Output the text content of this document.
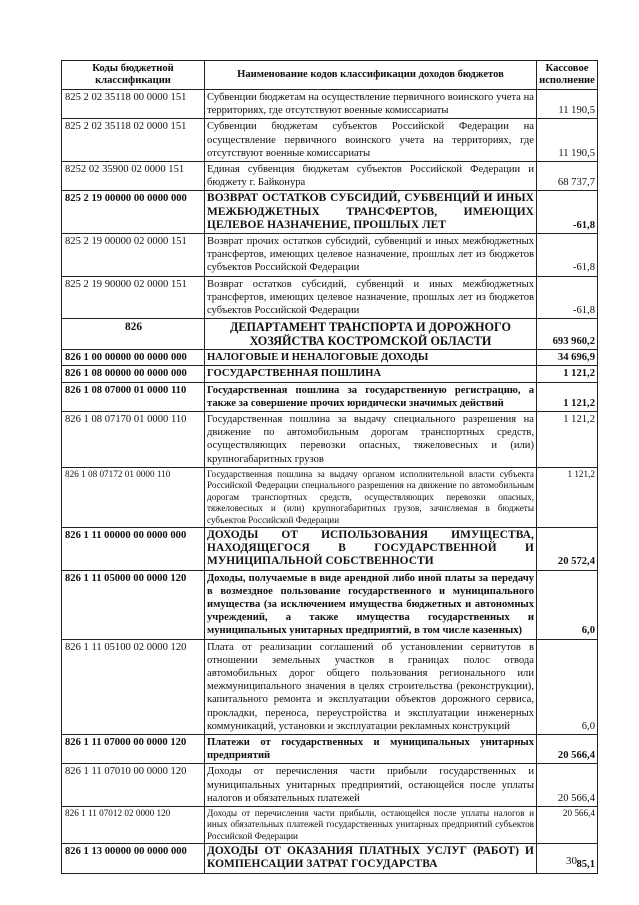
Коды бюджетной классификации	Наименование кодов классификации доходов бюджетов	Кассовое исполнение
825 2 02 35118 00 0000 151	Субвенции бюджетам на осуществление первичного воинского учета на территориях, где отсутствуют военные комиссариаты	11 190,5
825 2 02 35118 02 0000 151	Субвенции бюджетам субъектов Российской Федерации на осуществление первичного воинского учета на территориях, где отсутствуют военные комиссариаты	11 190,5
8252 02 35900 02 0000 151	Единая субвенция бюджетам субъектов Российской Федерации и бюджету г. Байконура	68 737,7
825 2 19 00000 00 0000 000	ВОЗВРАТ ОСТАТКОВ СУБСИДИЙ, СУБВЕНЦИЙ И ИНЫХ МЕЖБЮДЖЕТНЫХ ТРАНСФЕРТОВ, ИМЕЮЩИХ ЦЕЛЕВОЕ НАЗНАЧЕНИЕ, ПРОШЛЫХ ЛЕТ	-61,8
825 2 19 00000 02 0000 151	Возврат прочих остатков субсидий, субвенций и иных межбюджетных трансфертов, имеющих целевое назначение, прошлых лет из бюджетов субъектов Российской Федерации	-61,8
825 2 19 90000 02 0000 151	Возврат остатков субсидий, субвенций и иных межбюджетных трансфертов, имеющих целевое назначение, прошлых лет из бюджетов субъектов Российской Федерации	-61,8
826	ДЕПАРТАМЕНТ ТРАНСПОРТА И ДОРОЖНОГО ХОЗЯЙСТВА КОСТРОМСКОЙ ОБЛАСТИ	693 960,2
826 1 00 00000 00 0000 000	НАЛОГОВЫЕ И НЕНАЛОГОВЫЕ ДОХОДЫ	34 696,9
826 1 08 00000 00 0000 000	ГОСУДАРСТВЕННАЯ ПОШЛИНА	1 121,2
826 1 08 07000 01 0000 110	Государственная пошлина за государственную регистрацию, а также за совершение прочих юридически значимых действий	1 121,2
826 1 08 07170 01 0000 110	Государственная пошлина за выдачу специального разрешения на движение по автомобильным дорогам транспортных средств, осуществляющих перевозки опасных, тяжеловесных и (или) крупногабаритных грузов	1 121,2
826 1 08 07172 01 0000 110	Государственная пошлина за выдачу органом исполнительной власти субъекта Российской Федерации специального разрешения на движение по автомобильным дорогам транспортных средств, осуществляющих перевозки опасных, тяжеловесных и (или) крупногабаритных грузов, зачисляемая в бюджеты субъектов Российской Федерации	1 121,2
826 1 11 00000 00 0000 000	ДОХОДЫ ОТ ИСПОЛЬЗОВАНИЯ ИМУЩЕСТВА, НАХОДЯЩЕГОСЯ В ГОСУДАРСТВЕННОЙ И МУНИЦИПАЛЬНОЙ СОБСТВЕННОСТИ	20 572,4
826 1 11 05000 00 0000 120	Доходы, получаемые в виде арендной либо иной платы за передачу в возмездное пользование государственного и муниципального имущества (за исключением имущества бюджетных и автономных учреждений, а также имущества государственных и муниципальных унитарных предприятий, в том числе казенных)	6,0
826 1 11 05100 02 0000 120	Плата от реализации соглашений об установлении сервитутов в отношении земельных участков в границах полос отвода автомобильных дорог общего пользования регионального или межмуниципального значения в целях строительства (реконструкции), капитального ремонта и эксплуатации объектов дорожного сервиса, прокладки, переноса, переустройства и эксплуатации инженерных коммуникаций, установки и эксплуатации рекламных конструкций	6,0
826 1 11 07000 00 0000 120	Платежи от государственных и муниципальных унитарных предприятий	20 566,4
826 1 11 07010 00 0000 120	Доходы от перечисления части прибыли государственных и муниципальных унитарных предприятий, остающейся после уплаты налогов и обязательных платежей	20 566,4
826 1 11 07012 02 0000 120	Доходы от перечисления части прибыли, остающейся после уплаты налогов и иных обязательных платежей государственных унитарных предприятий субъектов Российской Федерации	20 566,4
826 1 13 00000 00 0000 000	ДОХОДЫ ОТ ОКАЗАНИЯ ПЛАТНЫХ УСЛУГ (РАБОТ) И КОМПЕНСАЦИИ ЗАТРАТ ГОСУДАРСТВА	85,1
30
